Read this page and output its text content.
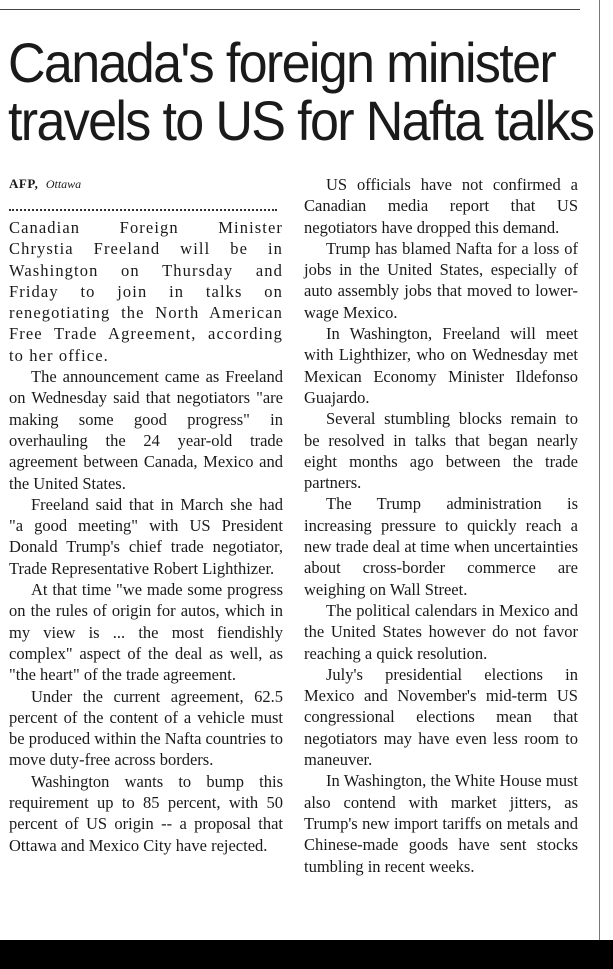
Canada's foreign minister
travels to US for Nafta talks
AFP, Ottawa

Canadian Foreign Minister Chrystia Freeland will be in Washington on Thursday and Friday to join in talks on renegotiating the North American Free Trade Agreement, according to her office.

The announcement came as Freeland on Wednesday said that negotiators "are making some good progress" in overhauling the 24 year-old trade agreement between Canada, Mexico and the United States.

Freeland said that in March she had "a good meeting" with US President Donald Trump's chief trade negotiator, Trade Representative Robert Lighthizer.

At that time "we made some progress on the rules of origin for autos, which in my view is ... the most fiendishly complex" aspect of the deal as well, as "the heart" of the trade agreement.

Under the current agreement, 62.5 percent of the content of a vehicle must be produced within the Nafta countries to move duty-free across borders.

Washington wants to bump this requirement up to 85 percent, with 50 percent of US origin -- a proposal that Ottawa and Mexico City have rejected.

US officials have not confirmed a Canadian media report that US negotiators have dropped this demand.

Trump has blamed Nafta for a loss of jobs in the United States, especially of auto assembly jobs that moved to lower-wage Mexico.

In Washington, Freeland will meet with Lighthizer, who on Wednesday met Mexican Economy Minister Ildefonso Guajardo.

Several stumbling blocks remain to be resolved in talks that began nearly eight months ago between the trade partners.

The Trump administration is increasing pressure to quickly reach a new trade deal at time when uncertainties about cross-border commerce are weighing on Wall Street.

The political calendars in Mexico and the United States however do not favor reaching a quick resolution.

July's presidential elections in Mexico and November's mid-term US congressional elections mean that negotiators may have even less room to maneuver.

In Washington, the White House must also contend with market jitters, as Trump's new import tariffs on metals and Chinese-made goods have sent stocks tumbling in recent weeks.
